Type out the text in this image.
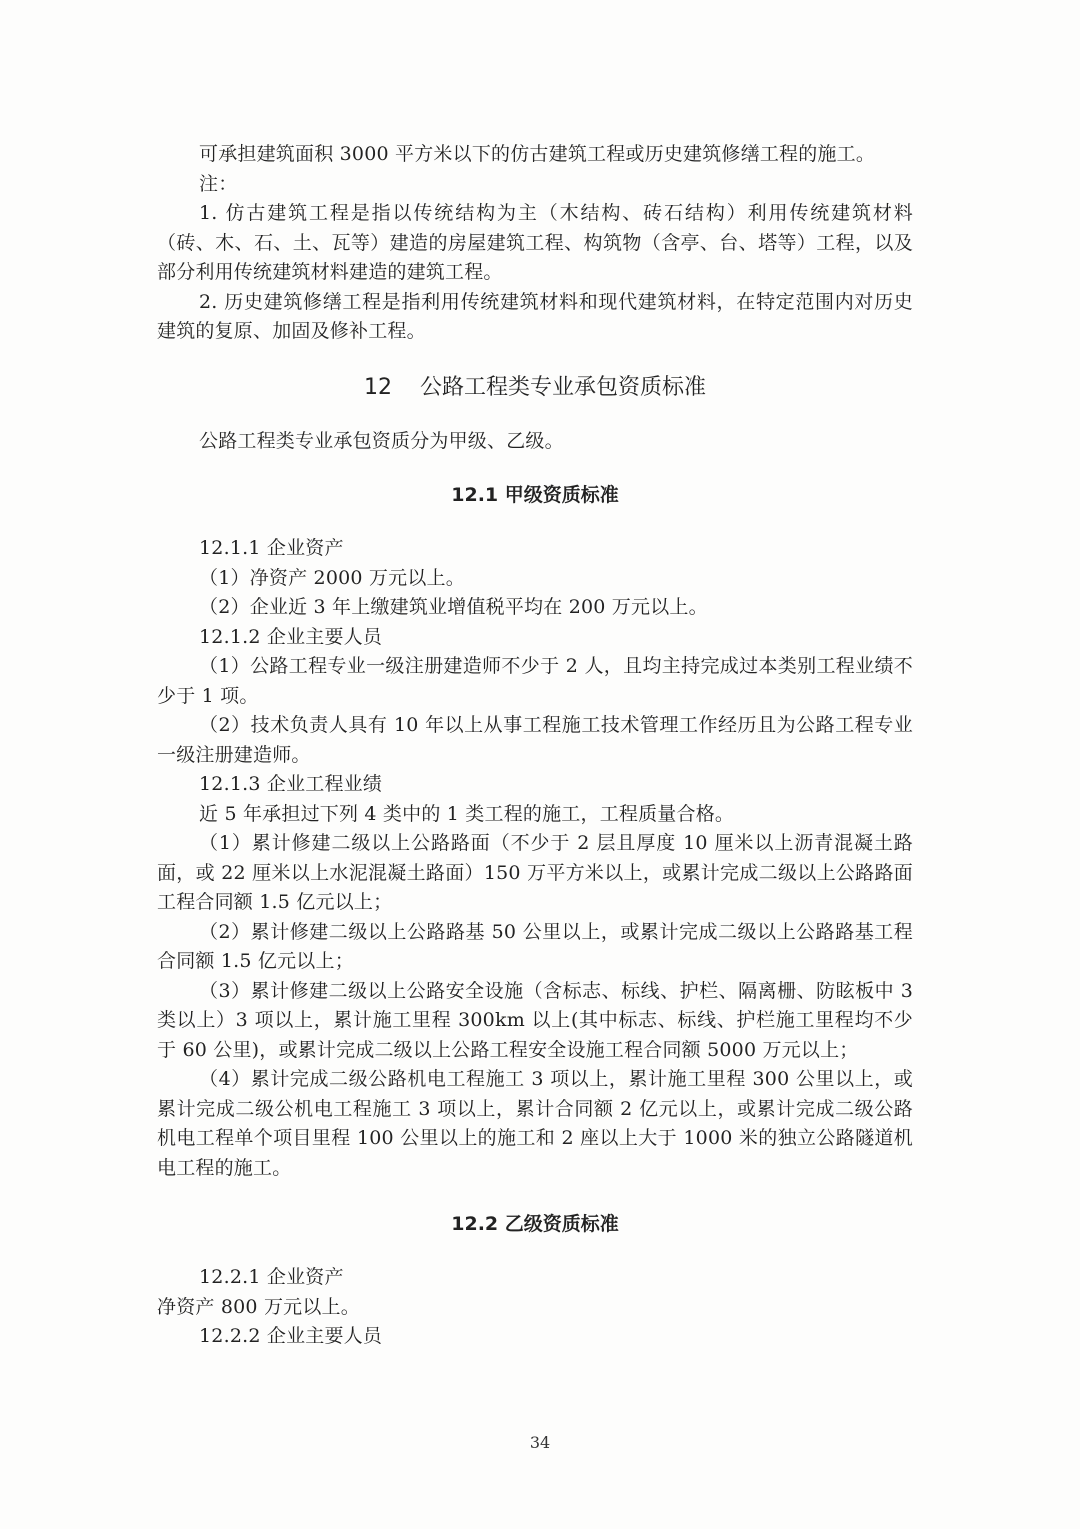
可承担建筑面积 3000 平方米以下的仿古建筑工程或历史建筑修缮工程的施工。

注：

1. 仿古建筑工程是指以传统结构为主（木结构、砖石结构）利用传统建筑材料（砖、木、石、土、瓦等）建造的房屋建筑工程、构筑物（含亭、台、塔等）工程，以及部分利用传统建筑材料建造的建筑工程。

2. 历史建筑修缮工程是指利用传统建筑材料和现代建筑材料，在特定范围内对历史建筑的复原、加固及修补工程。

12 公路工程类专业承包资质标准

公路工程类专业承包资质分为甲级、乙级。

12.1 甲级资质标准

12.1.1 企业资产

（1）净资产 2000 万元以上。

（2）企业近 3 年上缴建筑业增值税平均在 200 万元以上。

12.1.2 企业主要人员

（1）公路工程专业一级注册建造师不少于 2 人，且均主持完成过本类别工程业绩不少于 1 项。

（2）技术负责人具有 10 年以上从事工程施工技术管理工作经历且为公路工程专业一级注册建造师。

12.1.3 企业工程业绩

近 5 年承担过下列 4 类中的 1 类工程的施工，工程质量合格。

（1）累计修建二级以上公路路面（不少于 2 层且厚度 10 厘米以上沥青混凝土路面，或 22 厘米以上水泥混凝土路面）150 万平方米以上，或累计完成二级以上公路路面工程合同额 1.5 亿元以上；

（2）累计修建二级以上公路路基 50 公里以上，或累计完成二级以上公路路基工程合同额 1.5 亿元以上；

（3）累计修建二级以上公路安全设施（含标志、标线、护栏、隔离栅、防眩板中 3 类以上）3 项以上，累计施工里程 300km 以上(其中标志、标线、护栏施工里程均不少于 60 公里)，或累计完成二级以上公路工程安全设施工程合同额 5000 万元以上；

（4）累计完成二级公路机电工程施工 3 项以上，累计施工里程 300 公里以上，或累计完成二级公机电工程施工 3 项以上，累计合同额 2 亿元以上，或累计完成二级公路机电工程单个项目里程 100 公里以上的施工和 2 座以上大于 1000 米的独立公路隧道机电工程的施工。

12.2 乙级资质标准

12.2.1 企业资产

净资产 800 万元以上。

12.2.2 企业主要人员

34
